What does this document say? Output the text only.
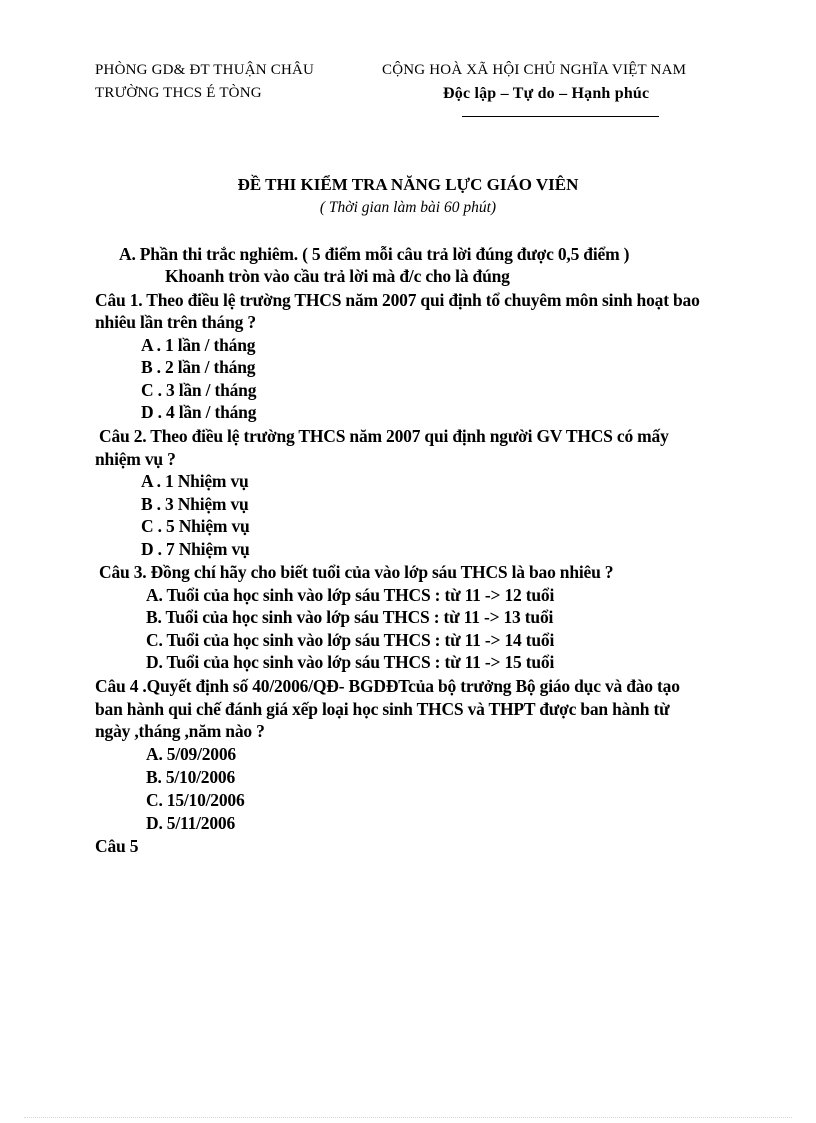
PHÒNG GD& ĐT THUẬN CHÂU
TRƯỜNG THCS É TÒNG
CỘNG HOÀ XÃ HỘI CHỦ NGHĨA VIỆT NAM
Độc lập – Tự do – Hạnh phúc
ĐỀ THI KIỂM TRA NĂNG LỰC GIÁO VIÊN
( Thời gian làm bài 60 phút)
A. Phần thi trắc nghiêm. ( 5 điểm mỗi câu trả lời đúng được 0,5 điểm )
Khoanh tròn vào cầu trả lời mà đ/c cho là đúng
Câu 1. Theo điều lệ trường THCS năm 2007 qui định tổ chuyêm môn sinh hoạt bao
nhiêu lần trên tháng ?
A . 1 lần / tháng
B . 2 lần / tháng
C . 3 lần / tháng
D . 4 lần / tháng
Câu 2. Theo điều lệ trường THCS năm 2007 qui định người GV THCS có mấy
nhiệm vụ ?
A . 1 Nhiệm vụ
B . 3 Nhiệm vụ
C . 5 Nhiệm vụ
D . 7 Nhiệm vụ
Câu 3. Đồng chí hãy cho biết tuổi của vào lớp sáu THCS là bao nhiêu ?
A. Tuổi của học sinh vào lớp sáu THCS : từ 11 -> 12 tuổi
B. Tuổi của học sinh vào lớp sáu THCS : từ 11 -> 13 tuổi
C. Tuổi của học sinh vào lớp sáu THCS : từ 11 -> 14 tuổi
D. Tuổi của học sinh vào lớp sáu THCS : từ 11 -> 15 tuổi
Câu 4 .Quyết định số 40/2006/QĐ- BGDĐTcủa bộ trưởng Bộ giáo dục và đào tạo
ban hành qui chế đánh giá xếp loại học sinh THCS và THPT được ban hành từ
ngày ,tháng ,năm nào ?
A. 5/09/2006
B. 5/10/2006
C. 15/10/2006
D. 5/11/2006
Câu 5
